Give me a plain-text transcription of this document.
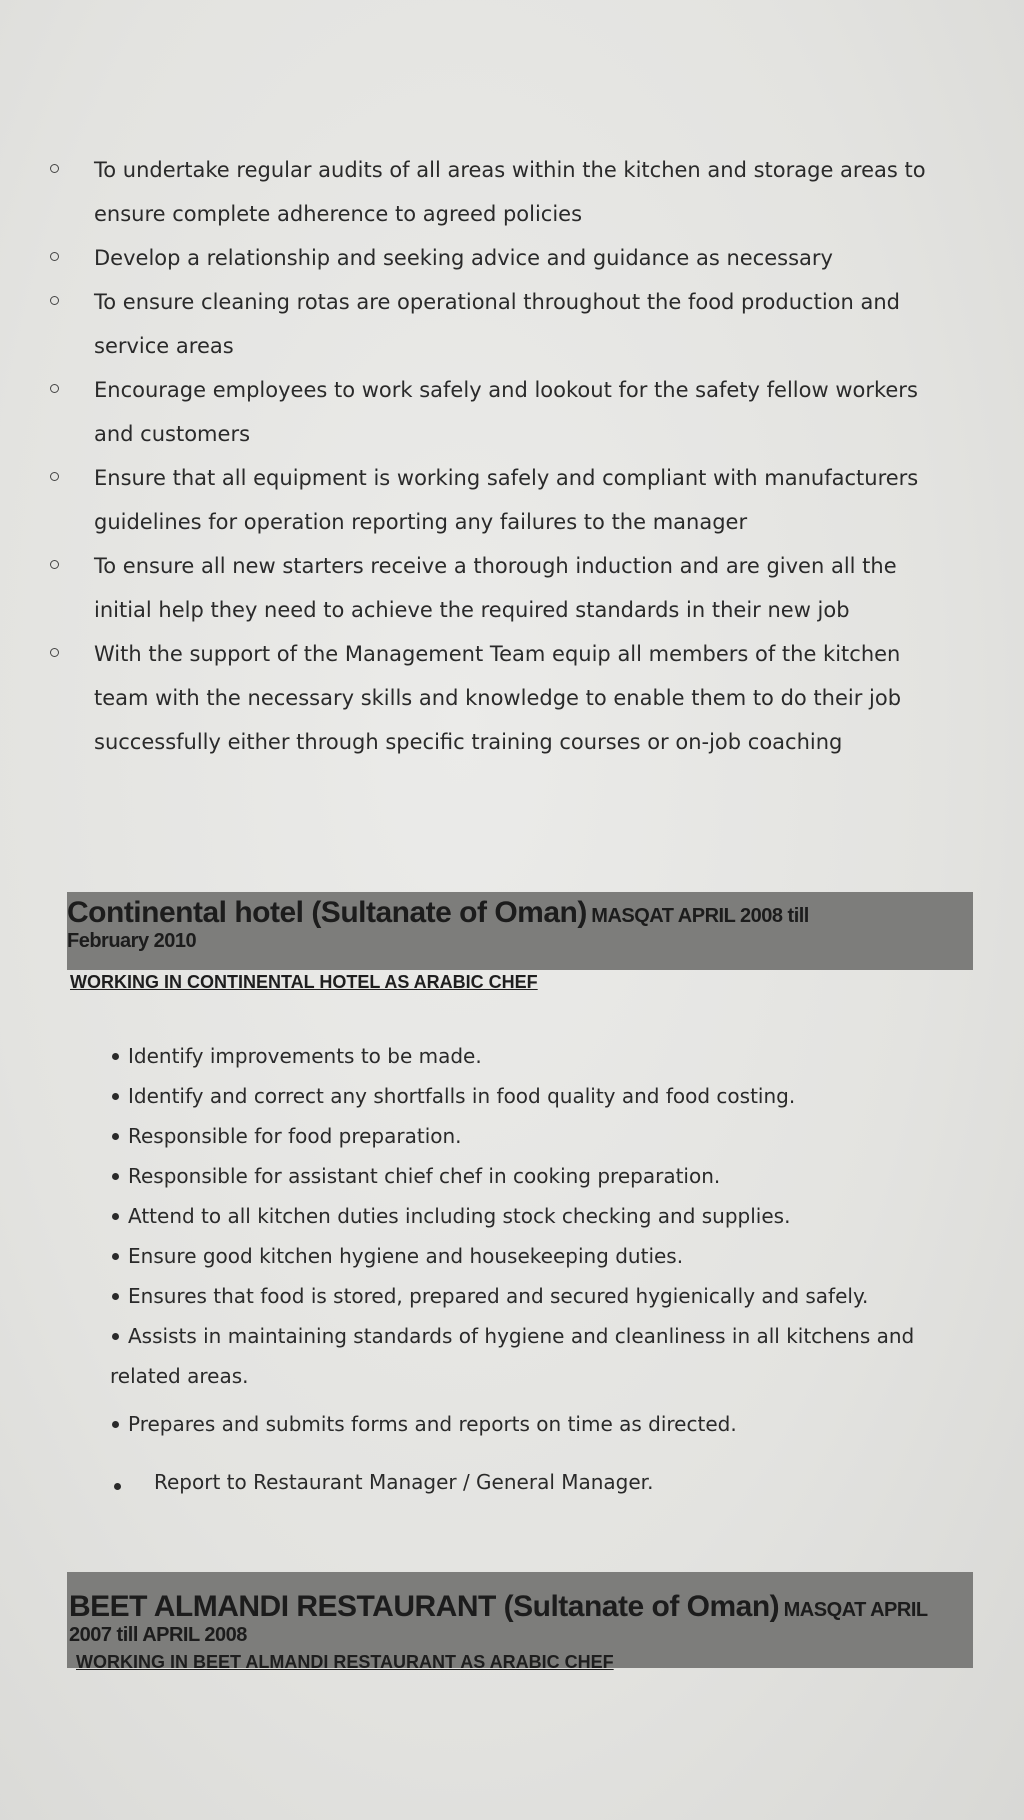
To undertake regular audits of all areas within the kitchen and storage areas to
ensure complete adherence to agreed policies
Develop a relationship and seeking advice and guidance as necessary
To ensure cleaning rotas are operational throughout the food production and
service areas
Encourage employees to work safely and lookout for the safety fellow workers
and customers
Ensure that all equipment is working safely and compliant with manufacturers
guidelines for operation reporting any failures to the manager
To ensure all new starters receive a thorough induction and are given all the
initial help they need to achieve the required standards in their new job
With the support of the Management Team equip all members of the kitchen
team with the necessary skills and knowledge to enable them to do their job
successfully either through specific training courses or on-job coaching
Continental hotel (Sultanate of Oman) MASQAT APRIL 2008 till
February 2010
WORKING IN CONTINENTAL HOTEL AS ARABIC CHEF
Identify improvements to be made.
Identify and correct any shortfalls in food quality and food costing.
Responsible for food preparation.
Responsible for assistant chief chef in cooking preparation.
Attend to all kitchen duties including stock checking and supplies.
Ensure good kitchen hygiene and housekeeping duties.
Ensures that food is stored, prepared and secured hygienically and safely.
Assists in maintaining standards of hygiene and cleanliness in all kitchens and
related areas.
Prepares and submits forms and reports on time as directed.
Report to Restaurant Manager / General Manager.
BEET ALMANDI RESTAURANT (Sultanate of Oman) MASQAT APRIL
2007 till APRIL 2008
WORKING IN BEET ALMANDI RESTAURANT AS ARABIC CHEF
